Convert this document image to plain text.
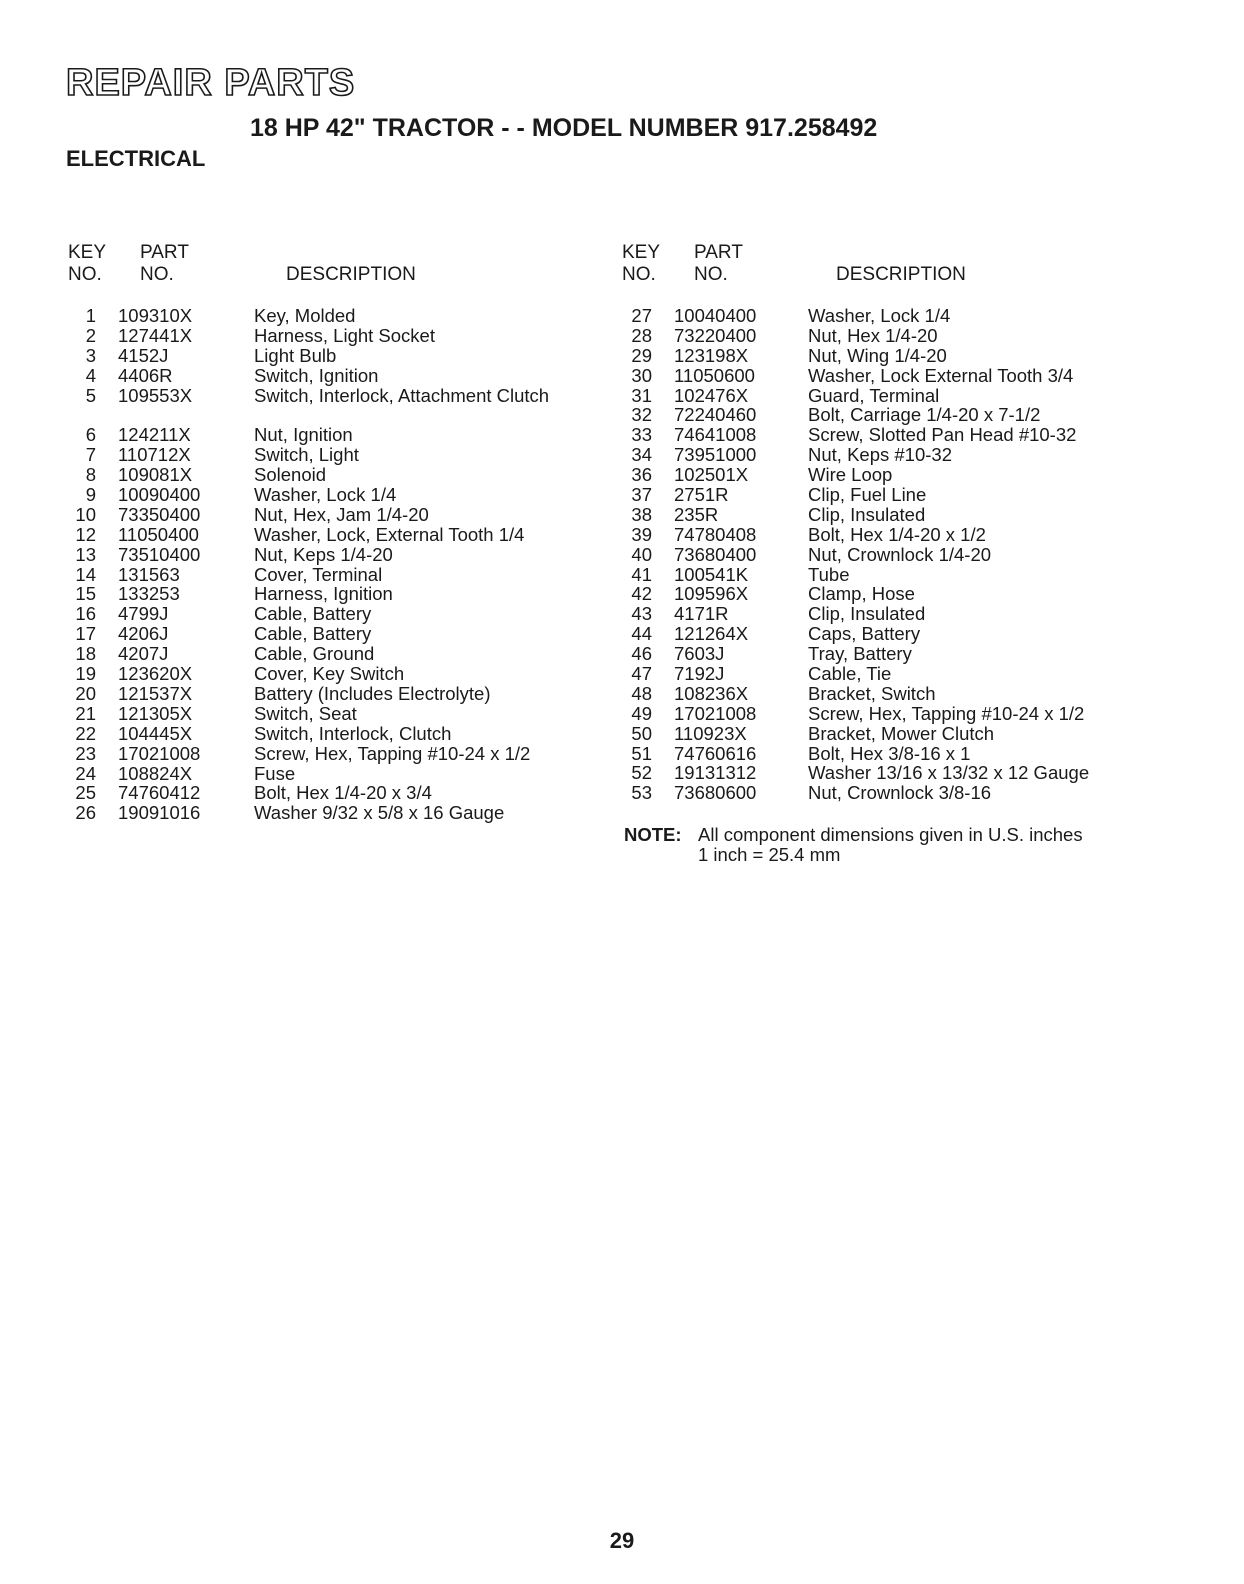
REPAIR PARTS
18 HP 42" TRACTOR - - MODEL NUMBER 917.258492
ELECTRICAL
KEY
NO.
PART
NO.	DESCRIPTION
1 109310X	Key, Molded
2 127441X	Harness, Light Socket
3 4152J	Light Bulb
4 4406R	Switch, Ignition
5 109553X	Switch, Interlock, Attachment Clutch
6 124211X	Nut, Ignition
7 110712X	Switch, Light
8 109081X	Solenoid
9 10090400	Washer, Lock 1/4
10 73350400	Nut, Hex, Jam 1/4-20
12 11050400	Washer, Lock, External Tooth 1/4
13 73510400	Nut, Keps 1/4-20
14 131563	Cover, Terminal
15 133253	Harness, Ignition
16 4799J	Cable, Battery
17 4206J	Cable, Battery
18 4207J	Cable, Ground
19 123620X	Cover, Key Switch
20 121537X	Battery (Includes Electrolyte)
21 121305X	Switch, Seat
22 104445X	Switch, Interlock, Clutch
23 17021008	Screw, Hex, Tapping #10-24 x 1/2
24 108824X	Fuse
25 74760412	Bolt, Hex 1/4-20 x 3/4
26 19091016	Washer 9/32 x 5/8 x 16 Gauge
KEY
NO.
PART
NO.	DESCRIPTION
27 10040400	Washer, Lock 1/4
28 73220400	Nut, Hex 1/4-20
29 123198X	Nut, Wing 1/4-20
30 11050600	Washer, Lock External Tooth 3/4
31 102476X	Guard, Terminal
32 72240460	Bolt, Carriage 1/4-20 x 7-1/2
33 74641008	Screw, Slotted Pan Head #10-32
34 73951000	Nut, Keps #10-32
36 102501X	Wire Loop
37 2751R	Clip, Fuel Line
38 235R	Clip, Insulated
39 74780408	Bolt, Hex 1/4-20 x 1/2
40 73680400	Nut, Crownlock 1/4-20
41 100541K	Tube
42 109596X	Clamp, Hose
43 4171R	Clip, Insulated
44 121264X	Caps, Battery
46 7603J	Tray, Battery
47 7192J	Cable, Tie
48 108236X	Bracket, Switch
49 17021008	Screw, Hex, Tapping #10-24 x 1/2
50 110923X	Bracket, Mower Clutch
51 74760616	Bolt, Hex 3/8-16 x 1
52 19131312	Washer 13/16 x 13/32 x 12 Gauge
53 73680600	Nut, Crownlock 3/8-16
NOTE: All component dimensions given in U.S. inches
1 inch = 25.4 mm
29
